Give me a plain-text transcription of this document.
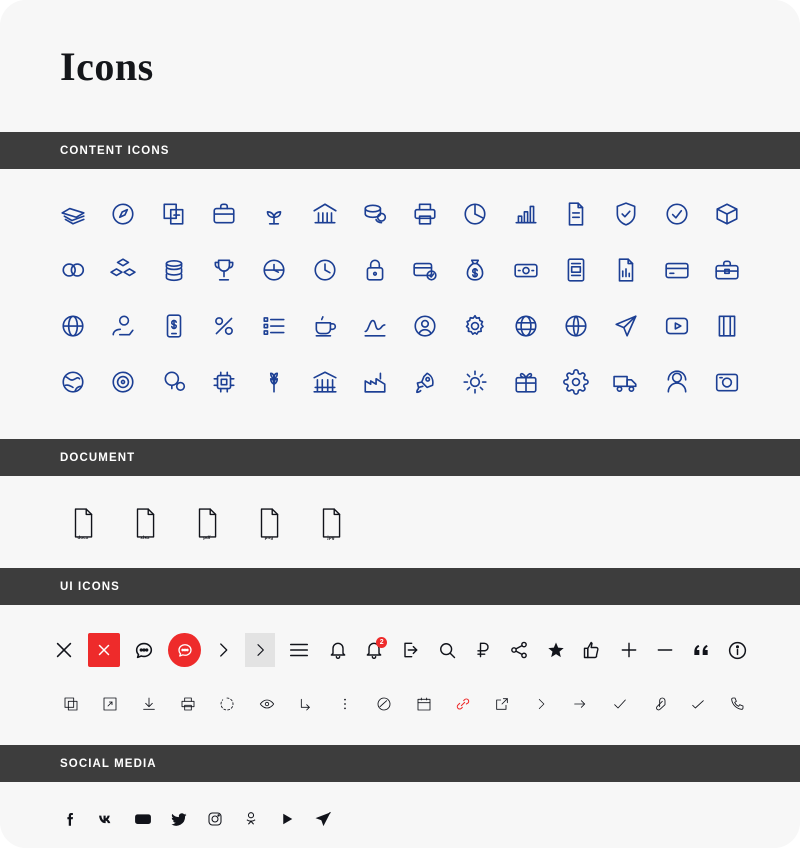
Icons
CONTENT ICONS
DOCUMENT
docx	xlsx	pdf	png	jpg
UI ICONS
2
SOCIAL MEDIA
